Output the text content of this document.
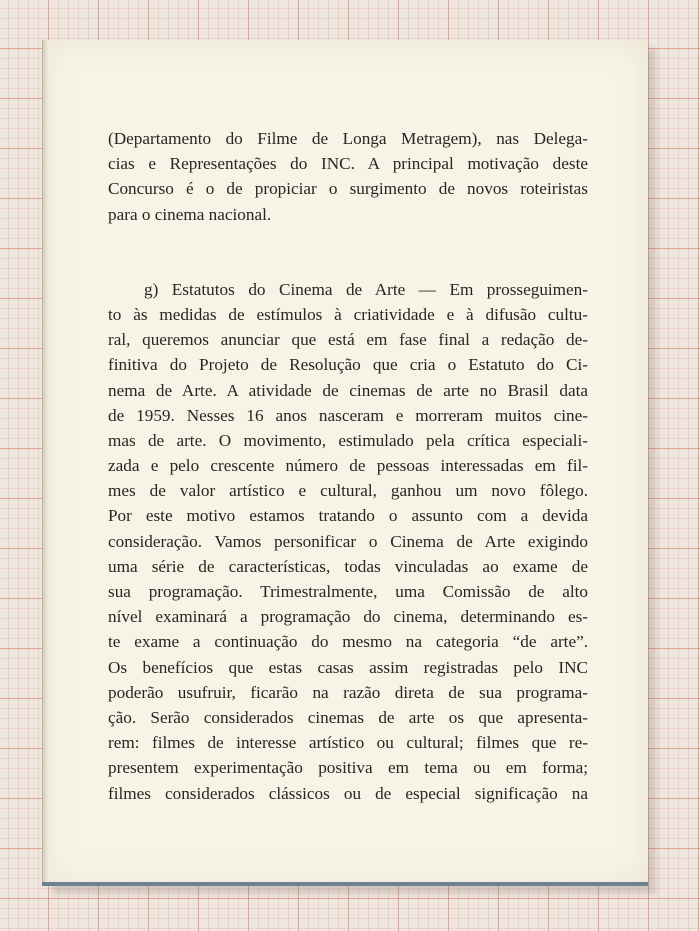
(Departamento do Filme de Longa Metragem), nas Delega-
cias e Representações do INC. A principal motivação deste
Concurso é o de propiciar o surgimento de novos roteiristas
para o cinema nacional.
g) Estatutos do Cinema de Arte — Em prosseguimen-
to às medidas de estímulos à criatividade e à difusão cultu-
ral, queremos anunciar que está em fase final a redação de-
finitiva do Projeto de Resolução que cria o Estatuto do Ci-
nema de Arte. A atividade de cinemas de arte no Brasil data
de 1959. Nesses 16 anos nasceram e morreram muitos cine-
mas de arte. O movimento, estimulado pela crítica especiali-
zada e pelo crescente número de pessoas interessadas em fil-
mes de valor artístico e cultural, ganhou um novo fôlego.
Por este motivo estamos tratando o assunto com a devida
consideração. Vamos personificar o Cinema de Arte exigindo
uma série de características, todas vinculadas ao exame de
sua programação. Trimestralmente, uma Comissão de alto
nível examinará a programação do cinema, determinando es-
te exame a continuação do mesmo na categoria “de arte”.
Os benefícios que estas casas assim registradas pelo INC
poderão usufruir, ficarão na razão direta de sua programa-
ção. Serão considerados cinemas de arte os que apresenta-
rem: filmes de interesse artístico ou cultural; filmes que re-
presentem experimentação positiva em tema ou em forma;
filmes considerados clássicos ou de especial significação na
